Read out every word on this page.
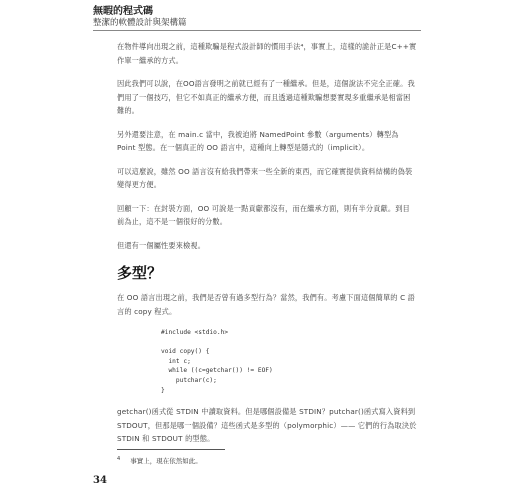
無暇的程式碼
整潔的軟體設計與架構篇

在物件導向出現之前，這種欺騙是程式設計師的慣用手法⁴，事實上，這樣的詭計正是C++實作單一繼承的方式。

因此我們可以說，在OO語言發明之前就已經有了一種繼承。但是，這個說法不完全正確。我們用了一個技巧，但它不如真正的繼承方便，而且透過這種欺騙想要實現多重繼承是相當困難的。

另外還要注意，在 main.c 當中，我被迫將 NamedPoint 參數（arguments）轉型為 Point 型態。在一個真正的 OO 語言中，這種向上轉型是隱式的（implicit）。

可以這麼說，雖然 OO 語言沒有給我們帶來一些全新的東西，而它確實提供資料結構的偽裝變得更方便。

回顧一下：在封裝方面，OO 可說是一點貢獻都沒有，而在繼承方面，則有半分貢獻。到目前為止，這不是一個很好的分數。

但還有一個屬性要來檢視。

多型？

在 OO 語言出現之前，我們是否曾有過多型行為？當然，我們有。考慮下面這個簡單的 C 語言的 copy 程式。

#include <stdio.h>

void copy() {
int c;
while ((c=getchar()) != EOF)
putchar(c);
}

getchar()函式從 STDIN 中讀取資料。但是哪個設備是 STDIN？putchar()函式寫入資料到 STDOUT，但那是哪一個設備？這些函式是多型的（polymorphic）—— 它們的行為取決於 STDIN 和 STDOUT 的型態。

$^4$ 事實上，現在依然如此。
34
